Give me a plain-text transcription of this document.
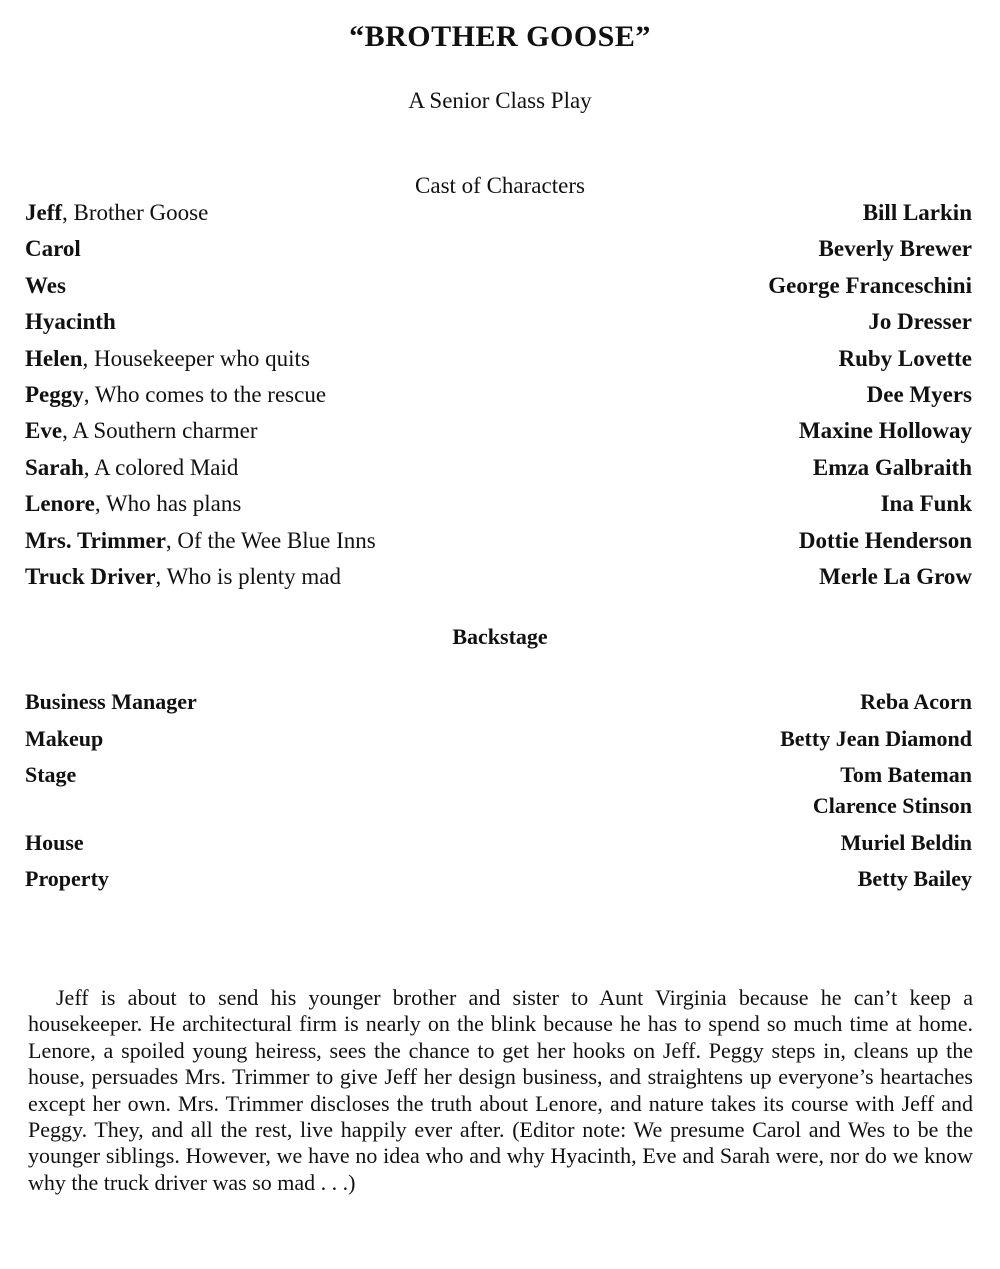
“BROTHER GOOSE”
A Senior Class Play
Cast of Characters
Jeff, Brother Goose	Bill Larkin
Carol	Beverly Brewer
Wes	George Franceschini
Hyacinth	Jo Dresser
Helen, Housekeeper who quits	Ruby Lovette
Peggy, Who comes to the rescue	Dee Myers
Eve, A Southern charmer	Maxine Holloway
Sarah, A colored Maid	Emza Galbraith
Lenore, Who has plans	Ina Funk
Mrs. Trimmer, Of the Wee Blue Inns	Dottie Henderson
Truck Driver, Who is plenty mad	Merle La Grow
Backstage
Business Manager	Reba Acorn
Makeup	Betty Jean Diamond
Stage	Tom Bateman
Clarence Stinson
House	Muriel Beldin
Property	Betty Bailey

Jeff is about to send his younger brother and sister to Aunt Virginia because he can’t keep a housekeeper. He architectural firm is nearly on the blink because he has to spend so much time at home. Lenore, a spoiled young heiress, sees the chance to get her hooks on Jeff. Peggy steps in, cleans up the house, persuades Mrs. Trimmer to give Jeff her design business, and straightens up everyone’s heartaches except her own. Mrs. Trimmer discloses the truth about Lenore, and nature takes its course with Jeff and Peggy. They, and all the rest, live happily ever after. (Editor note: We presume Carol and Wes to be the younger siblings. However, we have no idea who and why Hyacinth, Eve and Sarah were, nor do we know why the truck driver was so mad . . .)
